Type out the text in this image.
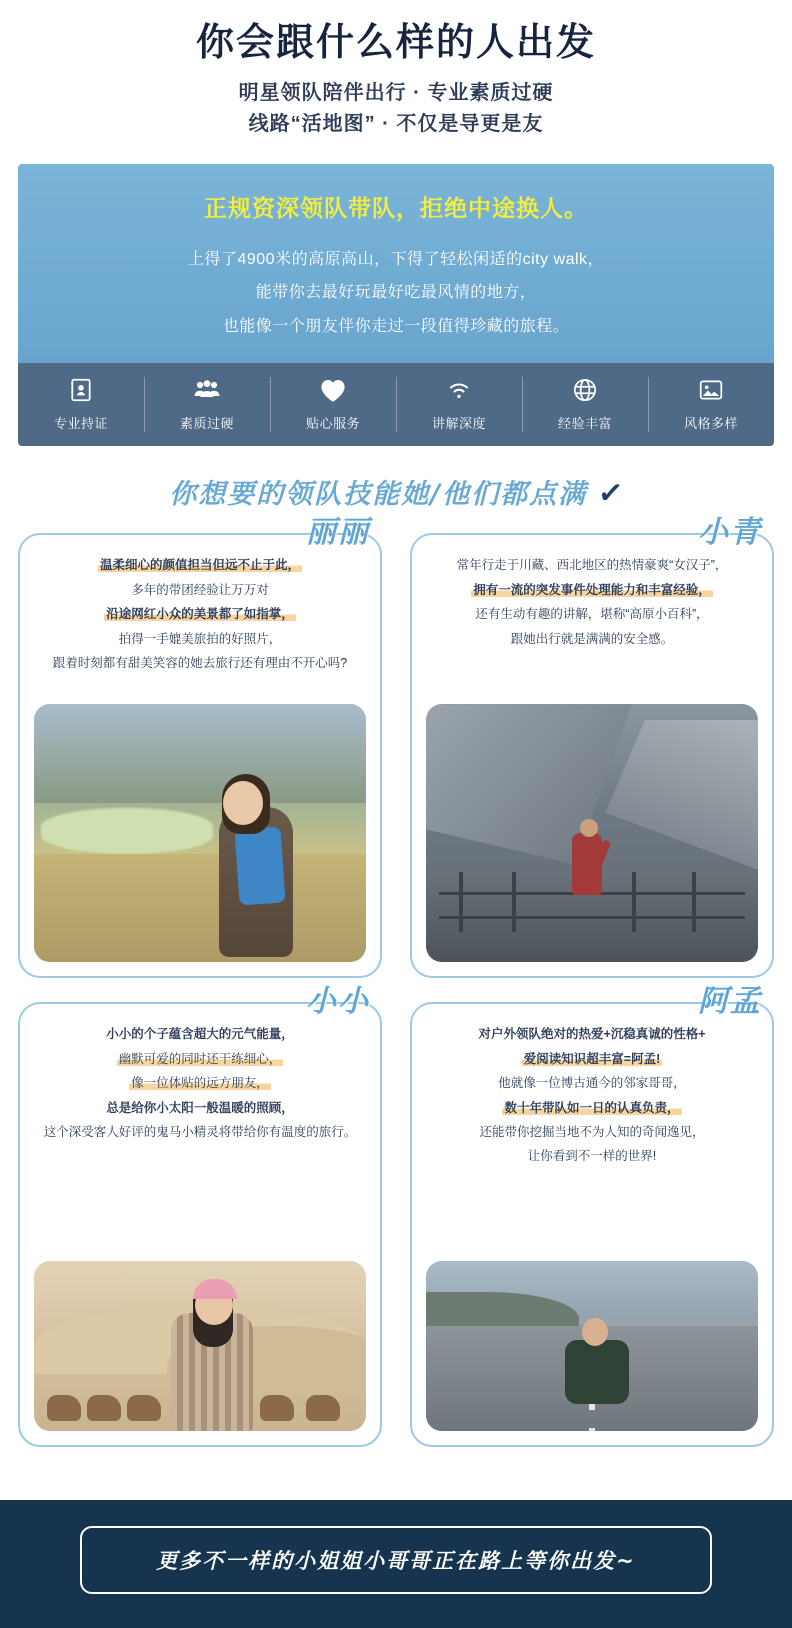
你会跟什么样的人出发
明星领队陪伴出行 · 专业素质过硬
线路“活地图” · 不仅是导更是友
正规资深领队带队，拒绝中途换人。
上得了4900米的高原高山，下得了轻松闲适的city walk，
能带你去最好玩最好吃最风情的地方，
也能像一个朋友伴你走过一段值得珍藏的旅程。
专业持证	素质过硬	贴心服务	讲解深度	经验丰富	风格多样
你想要的领队技能她/他们都点满 ✓
丽丽
温柔细心的颜值担当但远不止于此，
多年的带团经验让万万对
沿途网红小众的美景都了如指掌，
拍得一手媲美旅拍的好照片，
跟着时刻都有甜美笑容的她去旅行还有理由不开心吗?
小青
常年行走于川藏、西北地区的热情豪爽“女汉子”，
拥有一流的突发事件处理能力和丰富经验，
还有生动有趣的讲解，堪称“高原小百科”，
跟她出行就是满满的安全感。
小小
小小的个子蕴含超大的元气能量，
幽默可爱的同时还干练细心，
像一位体贴的远方朋友，
总是给你小太阳一般温暖的照顾，
这个深受客人好评的鬼马小精灵将带给你有温度的旅行。
阿孟
对户外领队绝对的热爱+沉稳真诚的性格+
爱阅读知识超丰富=阿孟!
他就像一位博古通今的邻家哥哥，
数十年带队如一日的认真负责，
还能带你挖掘当地不为人知的奇闻逸见，
让你看到不一样的世界!
更多不一样的小姐姐小哥哥正在路上等你出发~
